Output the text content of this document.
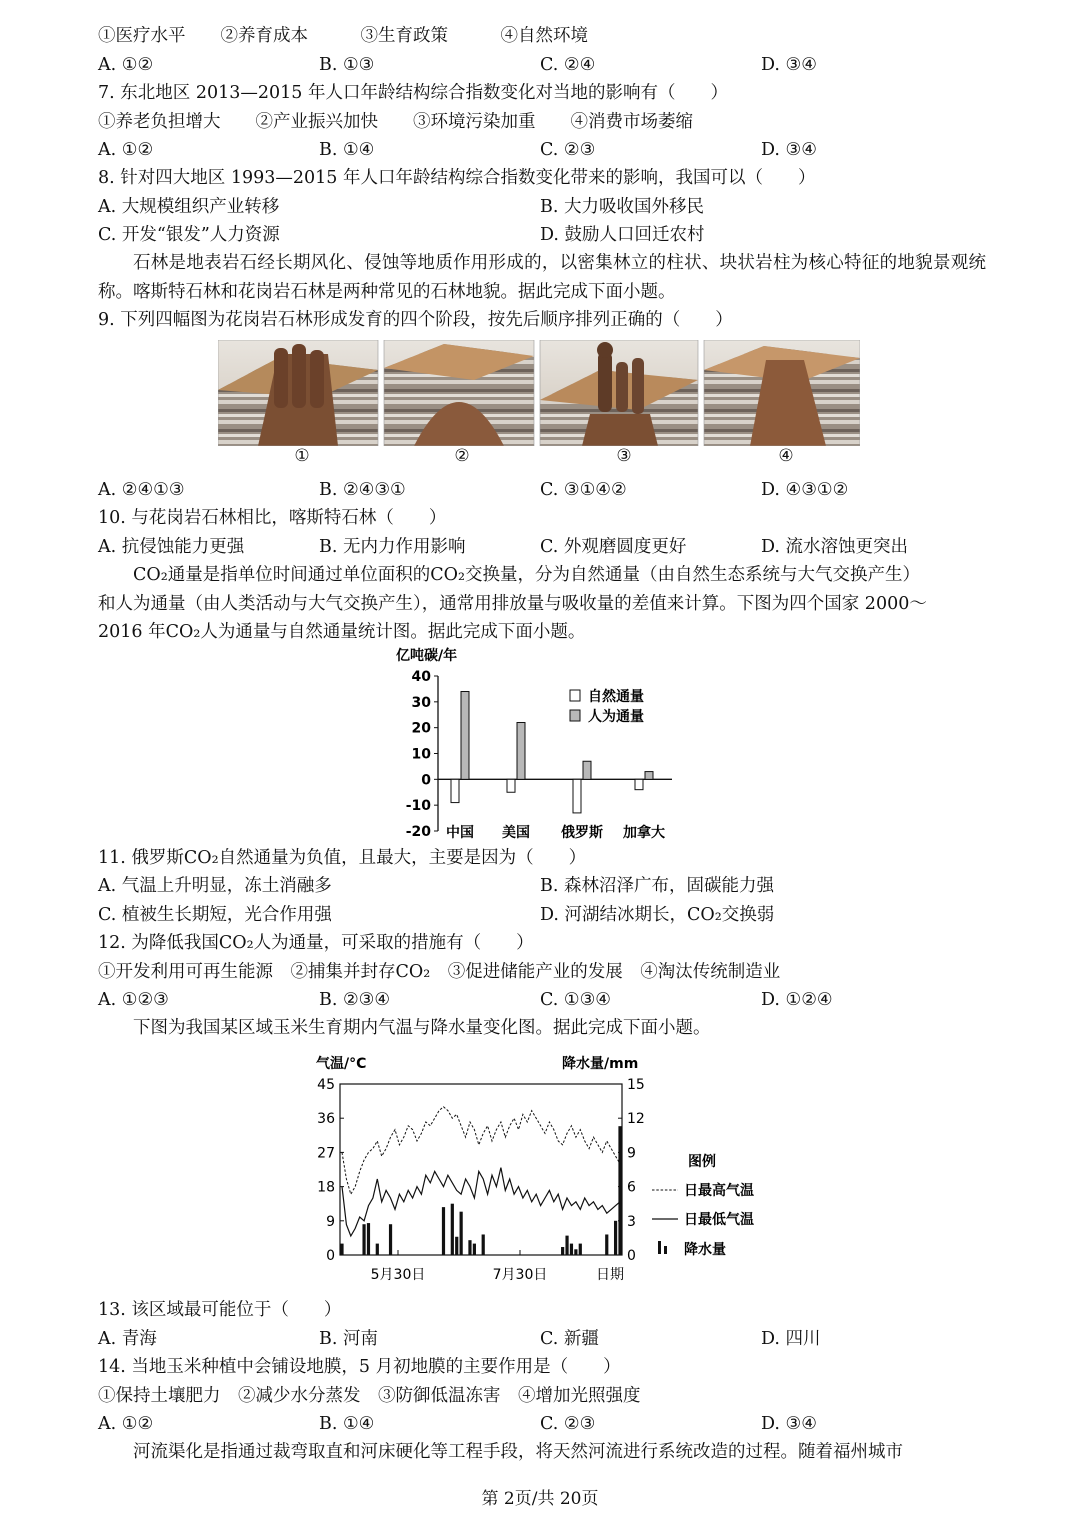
①医疗水平　　②养育成本　　　③生育政策　　　④自然环境
A. ①②	B. ①③	C. ②④	D. ③④
7. 东北地区 2013—2015 年人口年龄结构综合指数变化对当地的影响有（　　）
①养老负担增大　　②产业振兴加快　　③环境污染加重　　④消费市场萎缩
A. ①②	B. ①④	C. ②③	D. ③④
8. 针对四大地区 1993—2015 年人口年龄结构综合指数变化带来的影响，我国可以（　　）
A. 大规模组织产业转移	B. 大力吸收国外移民
C. 开发“银发”人力资源	D. 鼓励人口回迁农村
石林是地表岩石经长期风化、侵蚀等地质作用形成的，以密集林立的柱状、块状岩柱为核心特征的地貌景观统称。喀斯特石林和花岗岩石林是两种常见的石林地貌。据此完成下面小题。
9. 下列四幅图为花岗岩石林形成发育的四个阶段，按先后顺序排列正确的（　　）
①	②	③	④
A. ②④①③	B. ②④③①	C. ③①④②	D. ④③①②
10. 与花岗岩石林相比，喀斯特石林（　　）
A. 抗侵蚀能力更强	B. 无内力作用影响	C. 外观磨圆度更好	D. 流水溶蚀更突出
CO₂通量是指单位时间通过单位面积的CO₂交换量，分为自然通量（由自然生态系统与大气交换产生）
和人为通量（由人类活动与大气交换产生），通常用排放量与吸收量的差值来计算。下图为四个国家 2000～
2016 年CO₂人为通量与自然通量统计图。据此完成下面小题。
亿吨碳/年
40
30
20
10
0
-10
-20 中国 美国 俄罗斯 加拿大
自然通量
人为通量
11. 俄罗斯CO₂自然通量为负值，且最大，主要是因为（　　）
A. 气温上升明显，冻土消融多	B. 森林沼泽广布，固碳能力强
C. 植被生长期短，光合作用强	D. 河湖结冰期长，CO₂交换弱
12. 为降低我国CO₂人为通量，可采取的措施有（　　）
①开发利用可再生能源　②捕集并封存CO₂　③促进储能产业的发展　④淘汰传统制造业
A. ①②③	B. ②③④	C. ①③④	D. ①②④
下图为我国某区域玉米生育期内气温与降水量变化图。据此完成下面小题。
气温/°C	降水量/mm
45
36
27
18
9
0
15
12
9
6
3
0
5月30日	7月30日	日期
图例
日最高气温
日最低气温
降水量
13. 该区域最可能位于（　　）
A. 青海	B. 河南	C. 新疆	D. 四川
14. 当地玉米种植中会铺设地膜，5 月初地膜的主要作用是（　　）
①保持土壤肥力　②减少水分蒸发　③防御低温冻害　④增加光照强度
A. ①②	B. ①④	C. ②③	D. ③④
河流渠化是指通过裁弯取直和河床硬化等工程手段，将天然河流进行系统改造的过程。随着福州城市
第 2页/共 20页
